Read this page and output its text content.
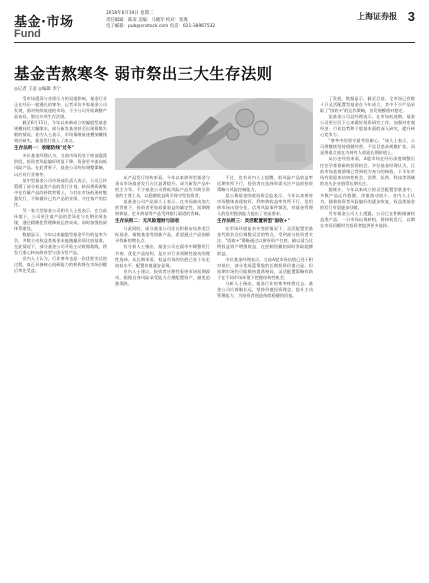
基金·市场
Fund
2018年6月19日 星期二
责任编辑：陈彦 美编：马晓军 校对：张燕
电子邮箱：pub@cnstock.com 电话：021-38967532
上海证券报 3
基金苦熬寒冬 弱市祭出三大生存法则
◎记者 王彦 ◎编辑 李宁

受市场震荡与业绩压力的双重影响，基金行业正在经历一轮漫长的寒冬。记者采访多家基金公司发现，面对持续低迷的市场，不少公司开始调整产品布局，祭出多项生存法则。

截至6月15日，今年以来新成立的偏股型基金规模同比大幅缩水，部分新发基金甚至出现募集失败的情况。业内人士表示，市场情绪低迷叠加赚钱效应缺失，基金发行进入了冰点。

生存法则一：收缩防线"过冬"

多位基金经理认为，当前市场仍处于底部震荡阶段，投资者风险偏好明显下降，资金更多流向低风险产品。在此背景下，基金公司纷纷调整策略，以应对行业寒冬。

某中型基金公司市场部负责人表示，公司已经暂缓了部分权益类产品的发行计划，转而将资源集中在存量产品的持续营销上。与其在市场低迷时勉强发行，不如做好已有产品的业绩，守住客户的信任。

另一家大型基金公司相关人士也表示，在当前环境下，公司更注重产品的差异化与长期业绩表现，通过精细化管理降低运营成本，同时加强投研体系建设。

数据显示，今年以来偏股型基金平均收益率为负，多数主动权益类基金未能跑赢业绩比较基准。在此情况下，部分基金公司开始主动收缩战线，将发行重心转向债券型与货币型产品。

业内人士认为，行业寒冬也是一次优胜劣汰的过程，真正具备核心投研能力的机构将在市场回暖后率先受益。

从产品发行结构来看，今年以来债券型基金与货币市场基金发行占比显著提升，成为新发产品中的主力军。不少基金公司将低风险产品作为吸引资金的主要工具，以稳健收益吸引保守型投资者。

某基金公司产品部人士表示，在市场波动加大的背景下，投资者更加看重收益的确定性，短期理财债基、定开债基等产品受到银行渠道的青睐。

生存法则二：无风险理财与固收

与此同时，部分基金公司还在积极布局养老目标基金、指数基金等创新产品，希望通过产品创新寻找新的增长点。

有分析人士指出，基金公司在弱市中调整发行节奏、优化产品结构，是应对行业周期性波动的理性选择。从长期来看，权益市场的估值已处于历史较低水平，配置价值逐步显现。

业内人士建议，投资者应理性看待市场短期波动，根据自身风险承受能力合理配置资产，避免追涨杀跌。

不过，也有业内人士提醒，低风险产品收益率近期有所下行，投资者在选择时需关注产品的投资策略与风险控制能力。

某公募基金固收投资总监表示，今年以来债券市场整体表现较好，利率债收益率有所下行，信用债市场出现分化，信用风险事件频发，对基金管理人的信用甄别能力提出了更高要求。

生存法则三：灵活配置转型"固收+"

在市场环境复杂多变的情况下，灵活配置型基金凭借其仓位调整灵活的特点，受到部分投资者关注。"固收+"策略通过以债券资产打底、辅以适当比例权益资产增强收益，在控制回撤的同时争取超额收益。

多位基金经理表示，当前A股市场估值已处于相对低位，部分优质蓝筹股的长期投资价值凸显，但短期市场仍可能维持震荡格局，灵活配置策略有助于在不同市场环境下把握结构性机会。

分析人士指出，基金行业的寒冬终将过去，基金公司应着眼长远，坚持价值投资理念，提升主动管理能力，为投资者创造持续稳健的回报。

了发展。数据显示，截至目前，全市场已有数十只灵活配置型基金在今年成立，其中不少产品采取了"固收+"的运作策略，首发规模相对稳定。

某基金公司总经理表示，在市场低迷期，基金公司更应沉下心来做好投资研究工作，加强对宏观经济、行业趋势和个股基本面的深入研究，提升核心竞争力。

"寒冬中的坚守最考验耐心。"该人士表示，公司将继续坚持稳健经营，不盲目追求规模扩张，而是将重点放在为持有人创造长期价值上。

从历史经验来看，A股市场在经历深度调整后往往孕育着新的投资机会。多位基金经理认为，目前市场悲观情绪已得到较为充分的释放，下半年市场有望迎来结构性机会，消费、医药、科技等领域的龙头企业值得长期关注。

据统计，今年以来成立的灵活配置型基金中，多数产品运作稳健，净值波动较小。业内人士认为，随着投资者风险偏好的逐步恢复，权益类基金的发行有望逐步回暖。

另有基金公司人士透露，公司已在积极储备权益类产品，一旦市场出现转机，将择机发行，以期在市场回暖时为投资者提供更多选择。
